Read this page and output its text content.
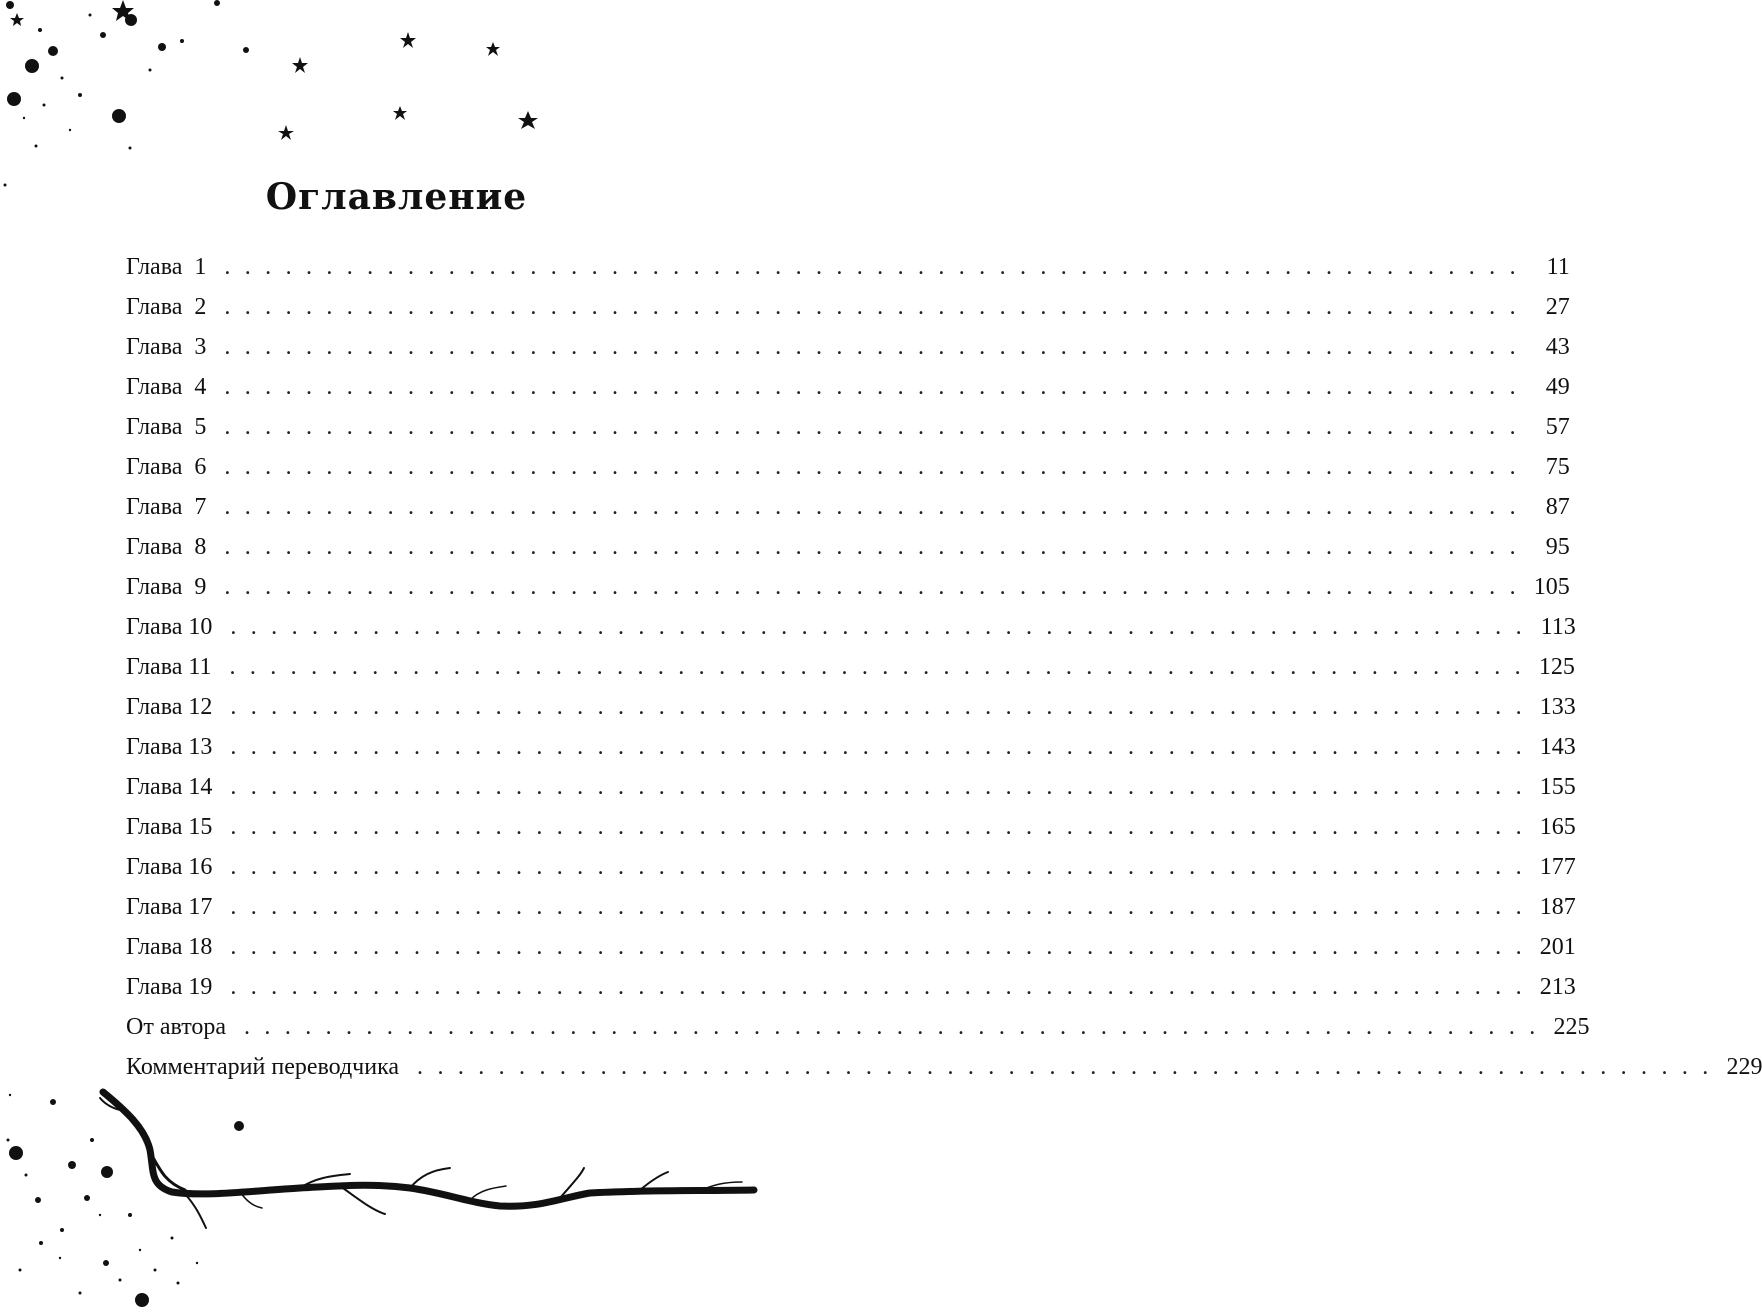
Оглавление
Глава  1 . . . . . . . . . . . . . . . . . . . . . . . . . . . . . . . . . . . . . . . . . . . . . . . . . . . . . . . . . . . . . . . .	11
Глава  2 . . . . . . . . . . . . . . . . . . . . . . . . . . . . . . . . . . . . . . . . . . . . . . . . . . . . . . . . . . . . . . . .	27
Глава  3 . . . . . . . . . . . . . . . . . . . . . . . . . . . . . . . . . . . . . . . . . . . . . . . . . . . . . . . . . . . . . . . .	43
Глава  4 . . . . . . . . . . . . . . . . . . . . . . . . . . . . . . . . . . . . . . . . . . . . . . . . . . . . . . . . . . . . . . . .	49
Глава  5 . . . . . . . . . . . . . . . . . . . . . . . . . . . . . . . . . . . . . . . . . . . . . . . . . . . . . . . . . . . . . . . .	57
Глава  6 . . . . . . . . . . . . . . . . . . . . . . . . . . . . . . . . . . . . . . . . . . . . . . . . . . . . . . . . . . . . . . . .	75
Глава  7 . . . . . . . . . . . . . . . . . . . . . . . . . . . . . . . . . . . . . . . . . . . . . . . . . . . . . . . . . . . . . . . .	87
Глава  8 . . . . . . . . . . . . . . . . . . . . . . . . . . . . . . . . . . . . . . . . . . . . . . . . . . . . . . . . . . . . . . . .	95
Глава  9 . . . . . . . . . . . . . . . . . . . . . . . . . . . . . . . . . . . . . . . . . . . . . . . . . . . . . . . . . . . . . . . . 105
Глава 10 . . . . . . . . . . . . . . . . . . . . . . . . . . . . . . . . . . . . . . . . . . . . . . . . . . . . . . . . . . . . . . . . 113
Глава 11 . . . . . . . . . . . . . . . . . . . . . . . . . . . . . . . . . . . . . . . . . . . . . . . . . . . . . . . . . . . . . . . . 125
Глава 12 . . . . . . . . . . . . . . . . . . . . . . . . . . . . . . . . . . . . . . . . . . . . . . . . . . . . . . . . . . . . . . . . 133
Глава 13 . . . . . . . . . . . . . . . . . . . . . . . . . . . . . . . . . . . . . . . . . . . . . . . . . . . . . . . . . . . . . . . . 143
Глава 14 . . . . . . . . . . . . . . . . . . . . . . . . . . . . . . . . . . . . . . . . . . . . . . . . . . . . . . . . . . . . . . . . 155
Глава 15 . . . . . . . . . . . . . . . . . . . . . . . . . . . . . . . . . . . . . . . . . . . . . . . . . . . . . . . . . . . . . . . . 165
Глава 16 . . . . . . . . . . . . . . . . . . . . . . . . . . . . . . . . . . . . . . . . . . . . . . . . . . . . . . . . . . . . . . . . 177
Глава 17 . . . . . . . . . . . . . . . . . . . . . . . . . . . . . . . . . . . . . . . . . . . . . . . . . . . . . . . . . . . . . . . . 187
Глава 18 . . . . . . . . . . . . . . . . . . . . . . . . . . . . . . . . . . . . . . . . . . . . . . . . . . . . . . . . . . . . . . . . 201
Глава 19 . . . . . . . . . . . . . . . . . . . . . . . . . . . . . . . . . . . . . . . . . . . . . . . . . . . . . . . . . . . . . . . . 213
От автора . . . . . . . . . . . . . . . . . . . . . . . . . . . . . . . . . . . . . . . . . . . . . . . . . . . . . . . . . . . . . . . . 225
Комментарий переводчика . . . . . . . . . . . . . . . . . . . . . . . . . . . . . . . . . . . . . . . . . . . . . . . . . . . . . . . . . . . . . . . . 229
